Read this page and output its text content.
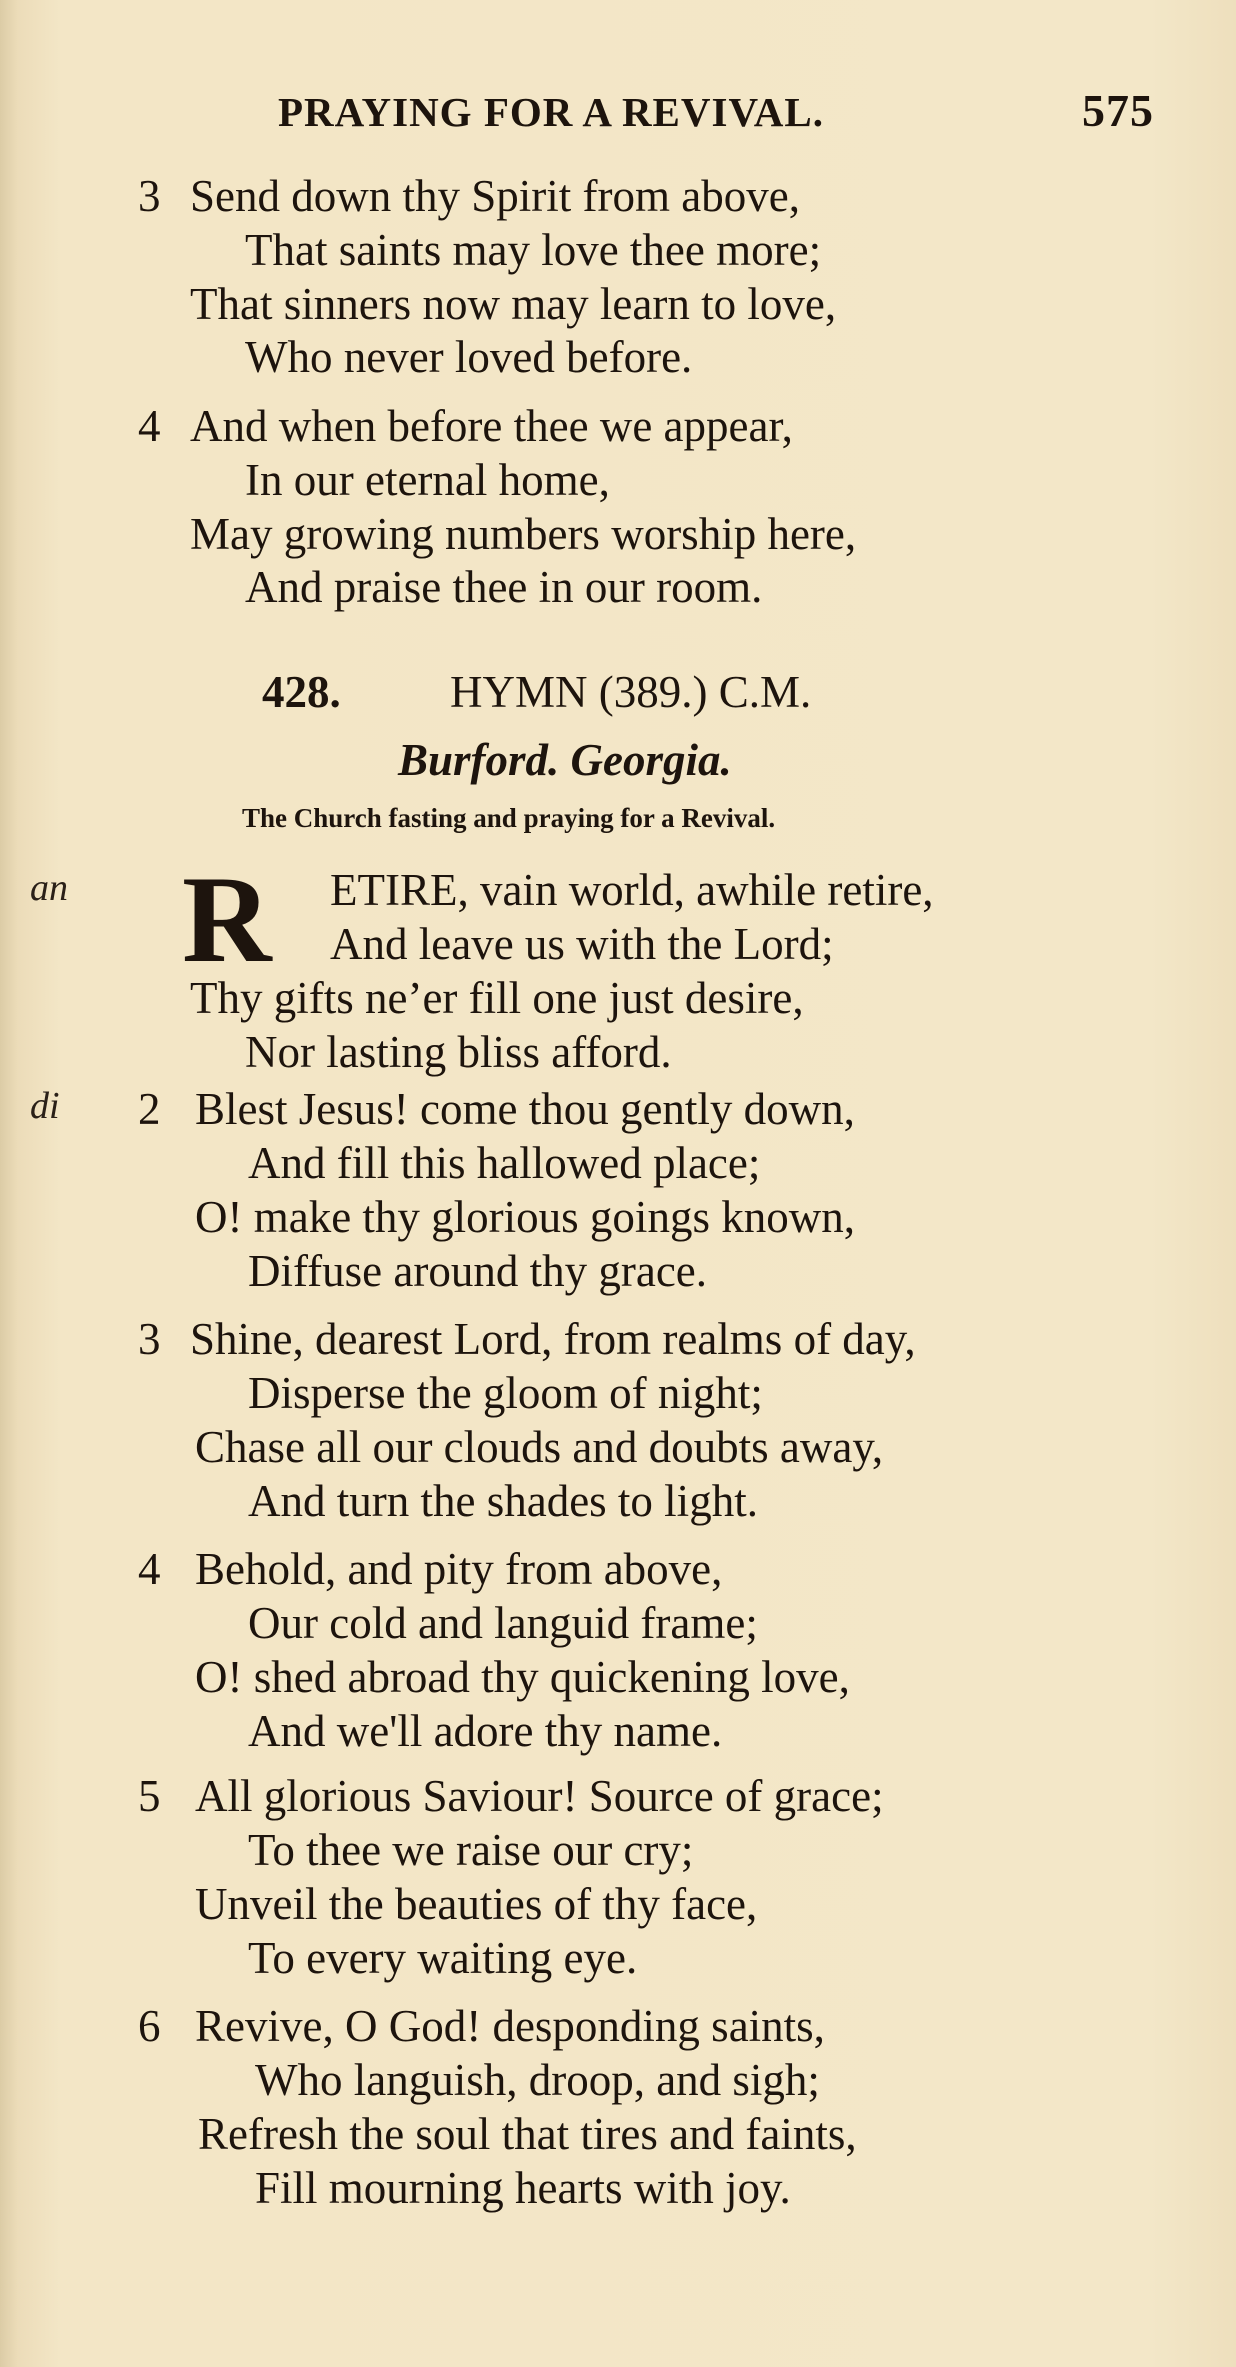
PRAYING FOR A REVIVAL.	575
3 Send down thy Spirit from above,
That saints may love thee more;
That sinners now may learn to love,
Who never loved before.
4 And when before thee we appear,
In our eternal home,
May growing numbers worship here,
And praise thee in our room.
428. HYMN (389.) C.M.
Burford. Georgia.
The Church fasting and praying for a Revival.
an
di
R ETIRE, vain world, awhile retire,
And leave us with the Lord;
Thy gifts ne’er fill one just desire,
Nor lasting bliss afford.
2 Blest Jesus! come thou gently down,
And fill this hallowed place;
O! make thy glorious goings known,
Diffuse around thy grace.
3 Shine, dearest Lord, from realms of day,
Disperse the gloom of night;
Chase all our clouds and doubts away,
And turn the shades to light.
4 Behold, and pity from above,
Our cold and languid frame;
O! shed abroad thy quickening love,
And we'll adore thy name.
5 All glorious Saviour! Source of grace;
To thee we raise our cry;
Unveil the beauties of thy face,
To every waiting eye.
6 Revive, O God! desponding saints,
Who languish, droop, and sigh;
Refresh the soul that tires and faints,
Fill mourning hearts with joy.
